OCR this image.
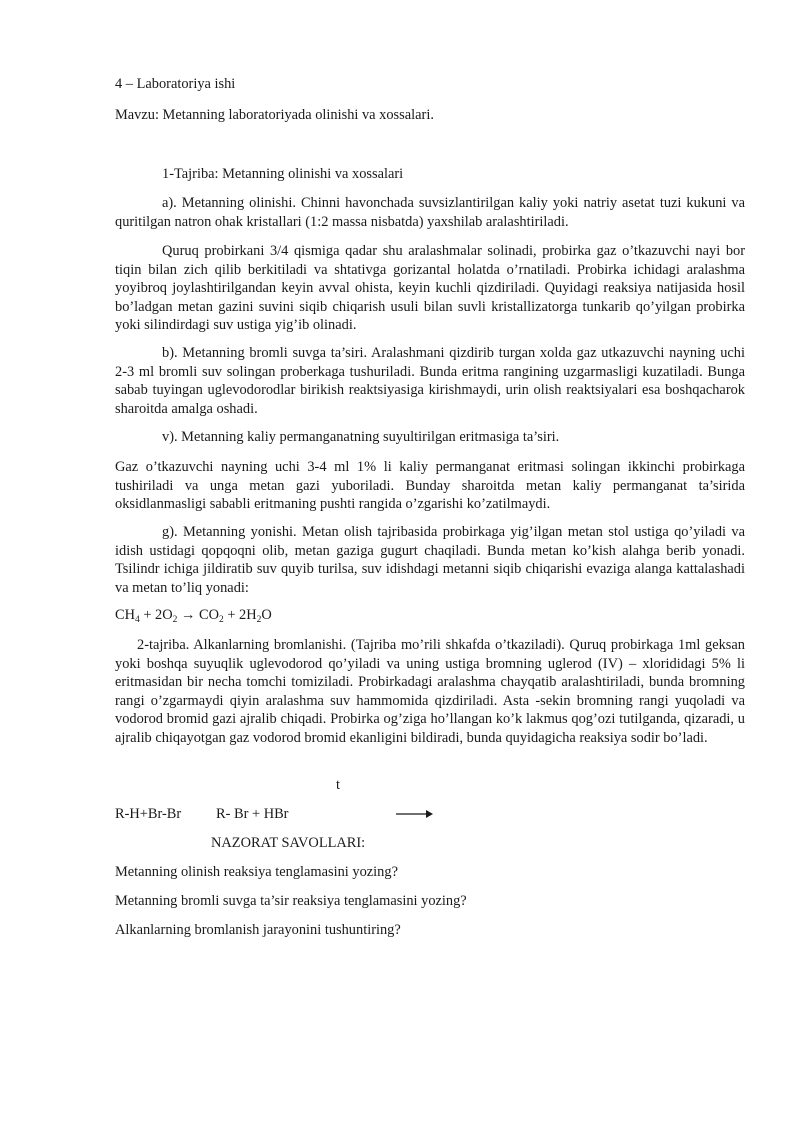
4 – Laboratoriya ishi

Mavzu: Metanning laboratoriyada olinishi va xossalari.

1-Tajriba: Metanning olinishi va xossalari

a). Metanning olinishi. Chinni havonchada suvsizlantirilgan kaliy yoki natriy asetat tuzi kukuni va quritilgan natron ohak kristallari (1:2 massa nisbatda) yaxshilab aralashtiriladi.

Quruq probirkani 3/4 qismiga qadar shu aralashmalar solinadi, probirka gaz o’tkazuvchi nayi bor tiqin bilan zich qilib berkitiladi va shtativga gorizantal holatda o’rnatiladi. Probirka ichidagi aralashma yoyibroq joylashtirilgandan keyin avval ohista, keyin kuchli qizdiriladi. Quyidagi reaksiya natijasida hosil bo’ladgan metan gazini suvini siqib chiqarish usuli bilan suvli kristallizatorga tunkarib qo’yilgan probirka yoki silindirdagi suv ustiga yig’ib olinadi.

b). Metanning bromli suvga ta’siri. Aralashmani qizdirib turgan xolda gaz utkazuvchi nayning uchi 2-3 ml bromli suv solingan proberkaga tushuriladi. Bunda eritma rangining uzgarmasligi kuzatiladi. Bunga sabab tuyingan uglevodorodlar birikish reaktsiyasiga kirishmaydi, urin olish reaktsiyalari esa boshqacharok sharoitda amalga oshadi.

v). Metanning kaliy permanganatning suyultirilgan eritmasiga ta’siri.

Gaz o’tkazuvchi nayning uchi 3-4 ml 1% li kaliy permanganat eritmasi solingan ikkinchi probirkaga tushiriladi va unga metan gazi yuboriladi. Bunday sharoitda metan kaliy permanganat ta’sirida oksidlanmasligi sababli eritmaning pushti rangida o’zgarishi ko’zatilmaydi.

g). Metanning yonishi. Metan olish tajribasida probirkaga yig’ilgan metan stol ustiga qo’yiladi va idish ustidagi qopqoqni olib, metan gaziga gugurt chaqiladi. Bunda metan ko’kish alahga berib yonadi. Tsilindr ichiga jildiratib suv quyib turilsa, suv idishdagi metanni siqib chiqarishi evaziga alanga kattalashadi va metan to’liq yonadi:

$CH_4 + 2O_2 \to CO_2 + 2H_2O$

2-tajriba. Alkanlarning bromlanishi. (Tajriba mo’rili shkafda o’tkaziladi). Quruq probirkaga 1ml geksan yoki boshqa suyuqlik uglevodorod qo’yiladi va uning ustiga bromning uglerod (IV) – xlorididagi 5% li eritmasidan bir necha tomchi tomiziladi. Probirkadagi aralashma chayqatib aralashtiriladi, bunda bromning rangi o’zgarmaydi qiyin aralashma suv hammomida qizdiriladi. Asta -sekin bromning rangi yuqoladi va vodorod bromid gazi ajralib chiqadi. Probirka og’ziga ho’llangan ko’k lakmus qog’ozi tutilganda, qizaradi, u ajralib chiqayotgan gaz vodorod bromid ekanligini bildiradi, bunda quyidagicha reaksiya sodir bo’ladi.

t

R-H+Br-Br	R- Br + HBr

NAZORAT SAVOLLARI:

Metanning olinish reaksiya tenglamasini yozing?

Metanning bromli suvga ta’sir reaksiya tenglamasini yozing?

Alkanlarning bromlanish jarayonini tushuntiring?
